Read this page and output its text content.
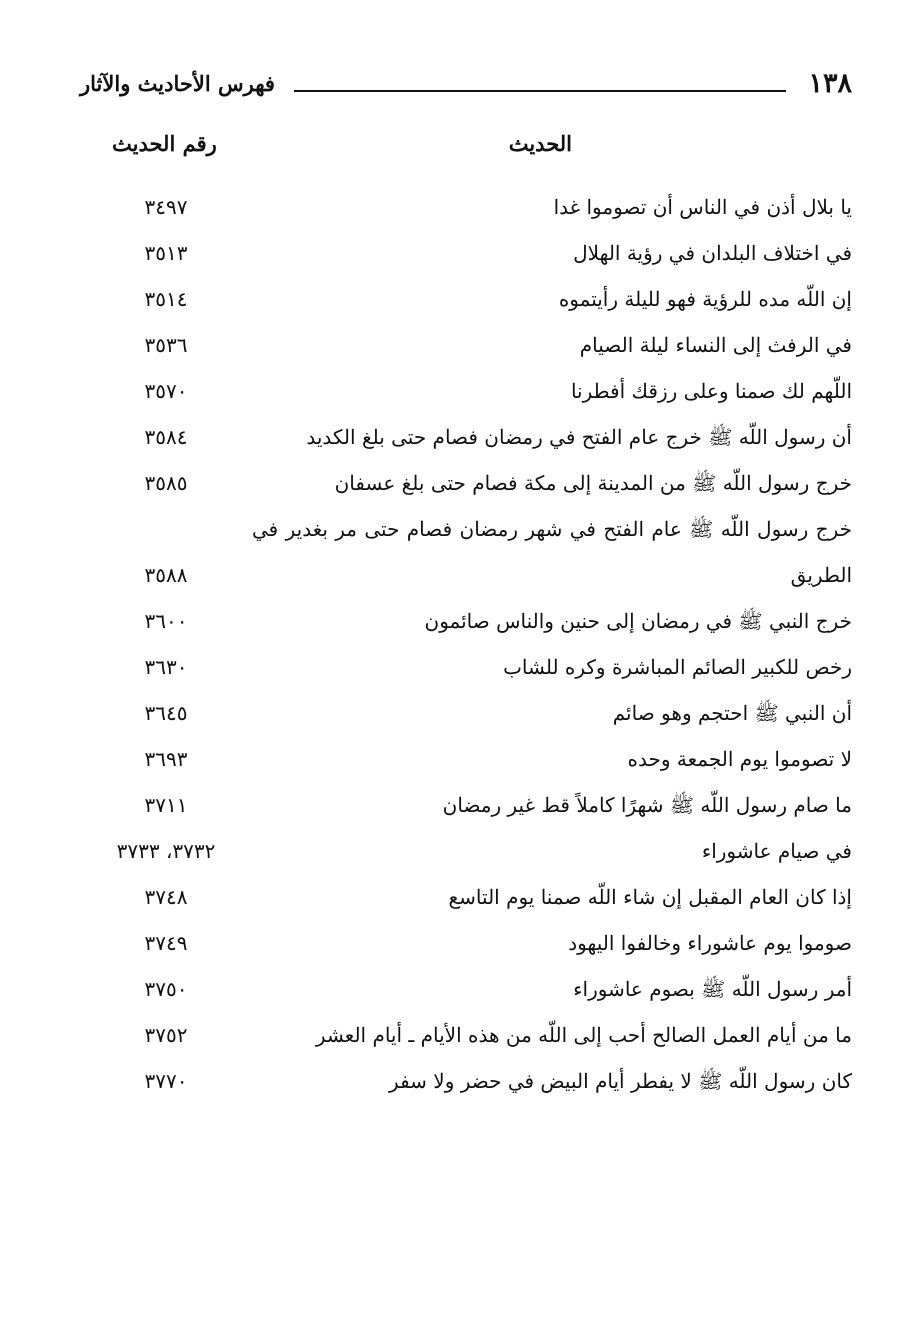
١٣٨
فهرس الأحاديث والآثار
الحديث
رقم الحديث
يا بلال أذن في الناس أن تصوموا غدا
٣٤٩٧
في اختلاف البلدان في رؤية الهلال
٣٥١٣
إن اللّه مده للرؤية فهو لليلة رأيتموه
٣٥١٤
في الرفث إلى النساء ليلة الصيام
٣٥٣٦
اللّهم لك صمنا وعلى رزقك أفطرنا
٣٥٧٠
أن رسول اللّه ﷺ خرج عام الفتح في رمضان فصام حتى بلغ الكديد
٣٥٨٤
خرج رسول اللّه ﷺ من المدينة إلى مكة فصام حتى بلغ عسفان
٣٥٨٥
خرج رسول اللّه ﷺ عام الفتح في شهر رمضان فصام حتى مر بغدير في الطريق
٣٥٨٨
خرج النبي ﷺ في رمضان إلى حنين والناس صائمون
٣٦٠٠
رخص للكبير الصائم المباشرة وكره للشاب
٣٦٣٠
أن النبي ﷺ احتجم وهو صائم
٣٦٤٥
لا تصوموا يوم الجمعة وحده
٣٦٩٣
ما صام رسول اللّه ﷺ شهرًا كاملاً قط غير رمضان
٣٧١١
في صيام عاشوراء
٣٧٣٢، ٣٧٣٣
إذا كان العام المقبل إن شاء اللّه صمنا يوم التاسع
٣٧٤٨
صوموا يوم عاشوراء وخالفوا اليهود
٣٧٤٩
أمر رسول اللّه ﷺ بصوم عاشوراء
٣٧٥٠
ما من أيام العمل الصالح أحب إلى اللّه من هذه الأيام ـ أيام العشر
٣٧٥٢
كان رسول اللّه ﷺ لا يفطر أيام البيض في حضر ولا سفر
٣٧٧٠
